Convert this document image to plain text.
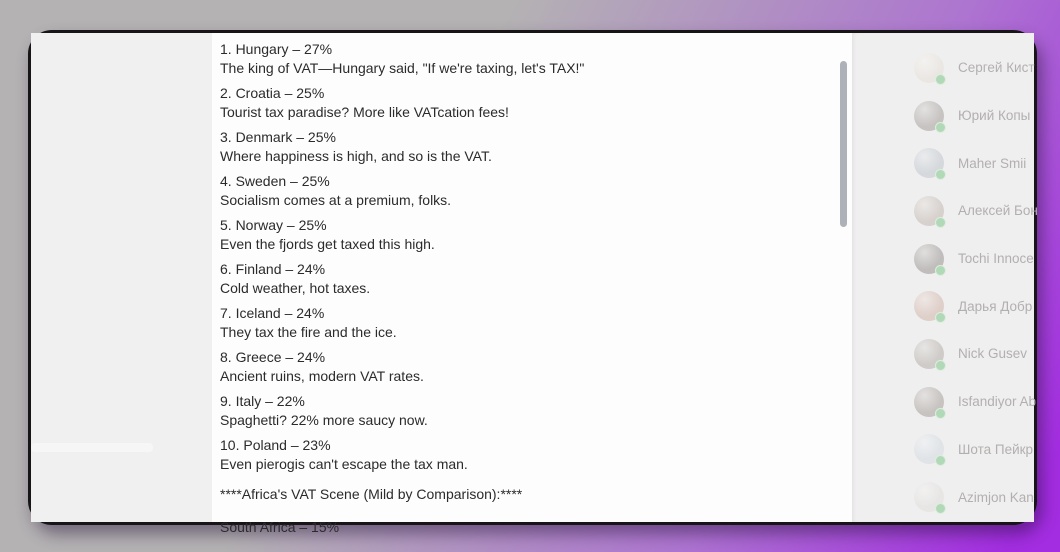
1. Hungary – 27%
The king of VAT—Hungary said, "If we're taxing, let's TAX!"
2. Croatia – 25%
Tourist tax paradise? More like VATcation fees!
3. Denmark – 25%
Where happiness is high, and so is the VAT.
4. Sweden – 25%
Socialism comes at a premium, folks.
5. Norway – 25%
Even the fjords get taxed this high.
6. Finland – 24%
Cold weather, hot taxes.
7. Iceland – 24%
They tax the fire and the ice.
8. Greece – 24%
Ancient ruins, modern VAT rates.
9. Italy – 22%
Spaghetti? 22% more saucy now.
10. Poland – 23%
Even pierogis can't escape the tax man.
****Africa's VAT Scene (Mild by Comparison):****
South Africa – 15%
Сергей Кист
Юрий Копы
Maher Smii
Алексей Бон
Tochi Innoce
Дарья Добр
Nick Gusev
Isfandiyor Ab
Шота Пейкр
Azimjon Kan
